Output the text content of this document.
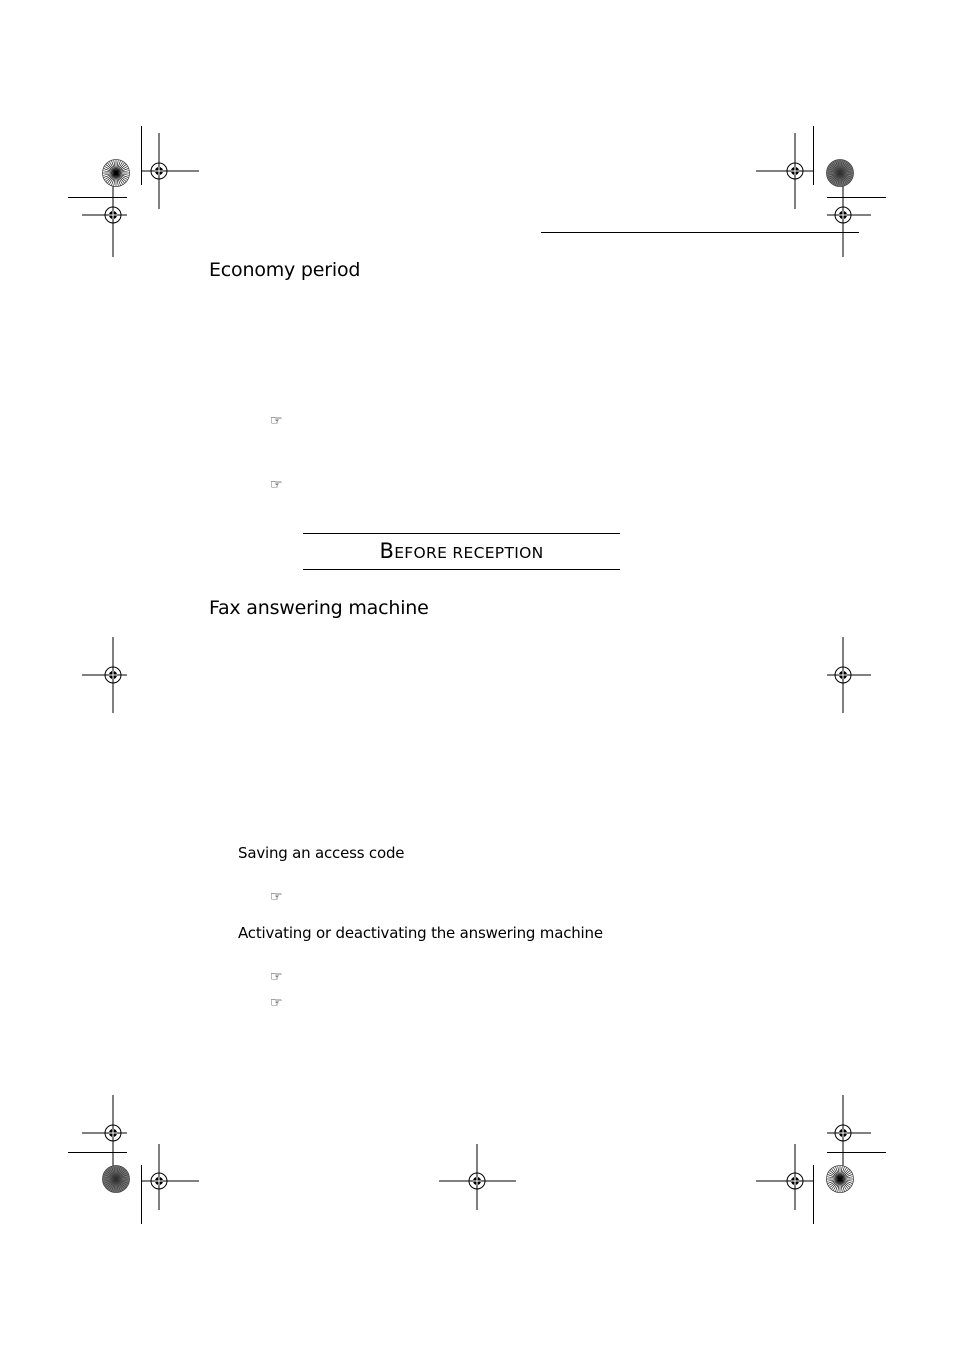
Economy period
☞
☞
BEFORE RECEPTION
Fax answering machine
Saving an access code
☞
Activating or deactivating the answering machine
☞
☞
